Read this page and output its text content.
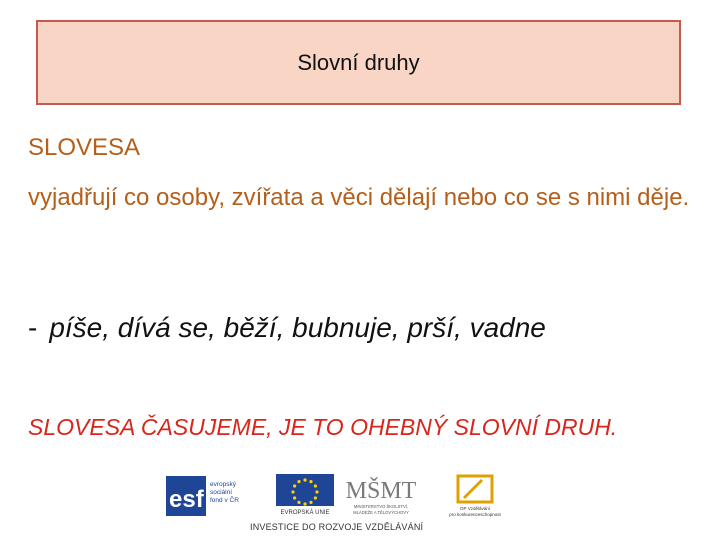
Slovní druhy
SLOVESA
vyjadřují co osoby, zvířata a věci dělají nebo co se s nimi děje.
- píše, dívá se, běží, bubnuje, prší, vadne
SLOVESA ČASUJEME, JE TO OHEBNÝ SLOVNÍ DRUH.
esf
evropský
sociální
fond v ČR
EVROPSKÁ UNIE
MŠMT
MINISTERSTVO ŠKOLSTVÍ,
MLÁDEŽE A TĚLOVÝCHOVY
OP Vzdělávání
pro konkurenceschopnost
INVESTICE DO ROZVOJE VZDĚLÁVÁNÍ
